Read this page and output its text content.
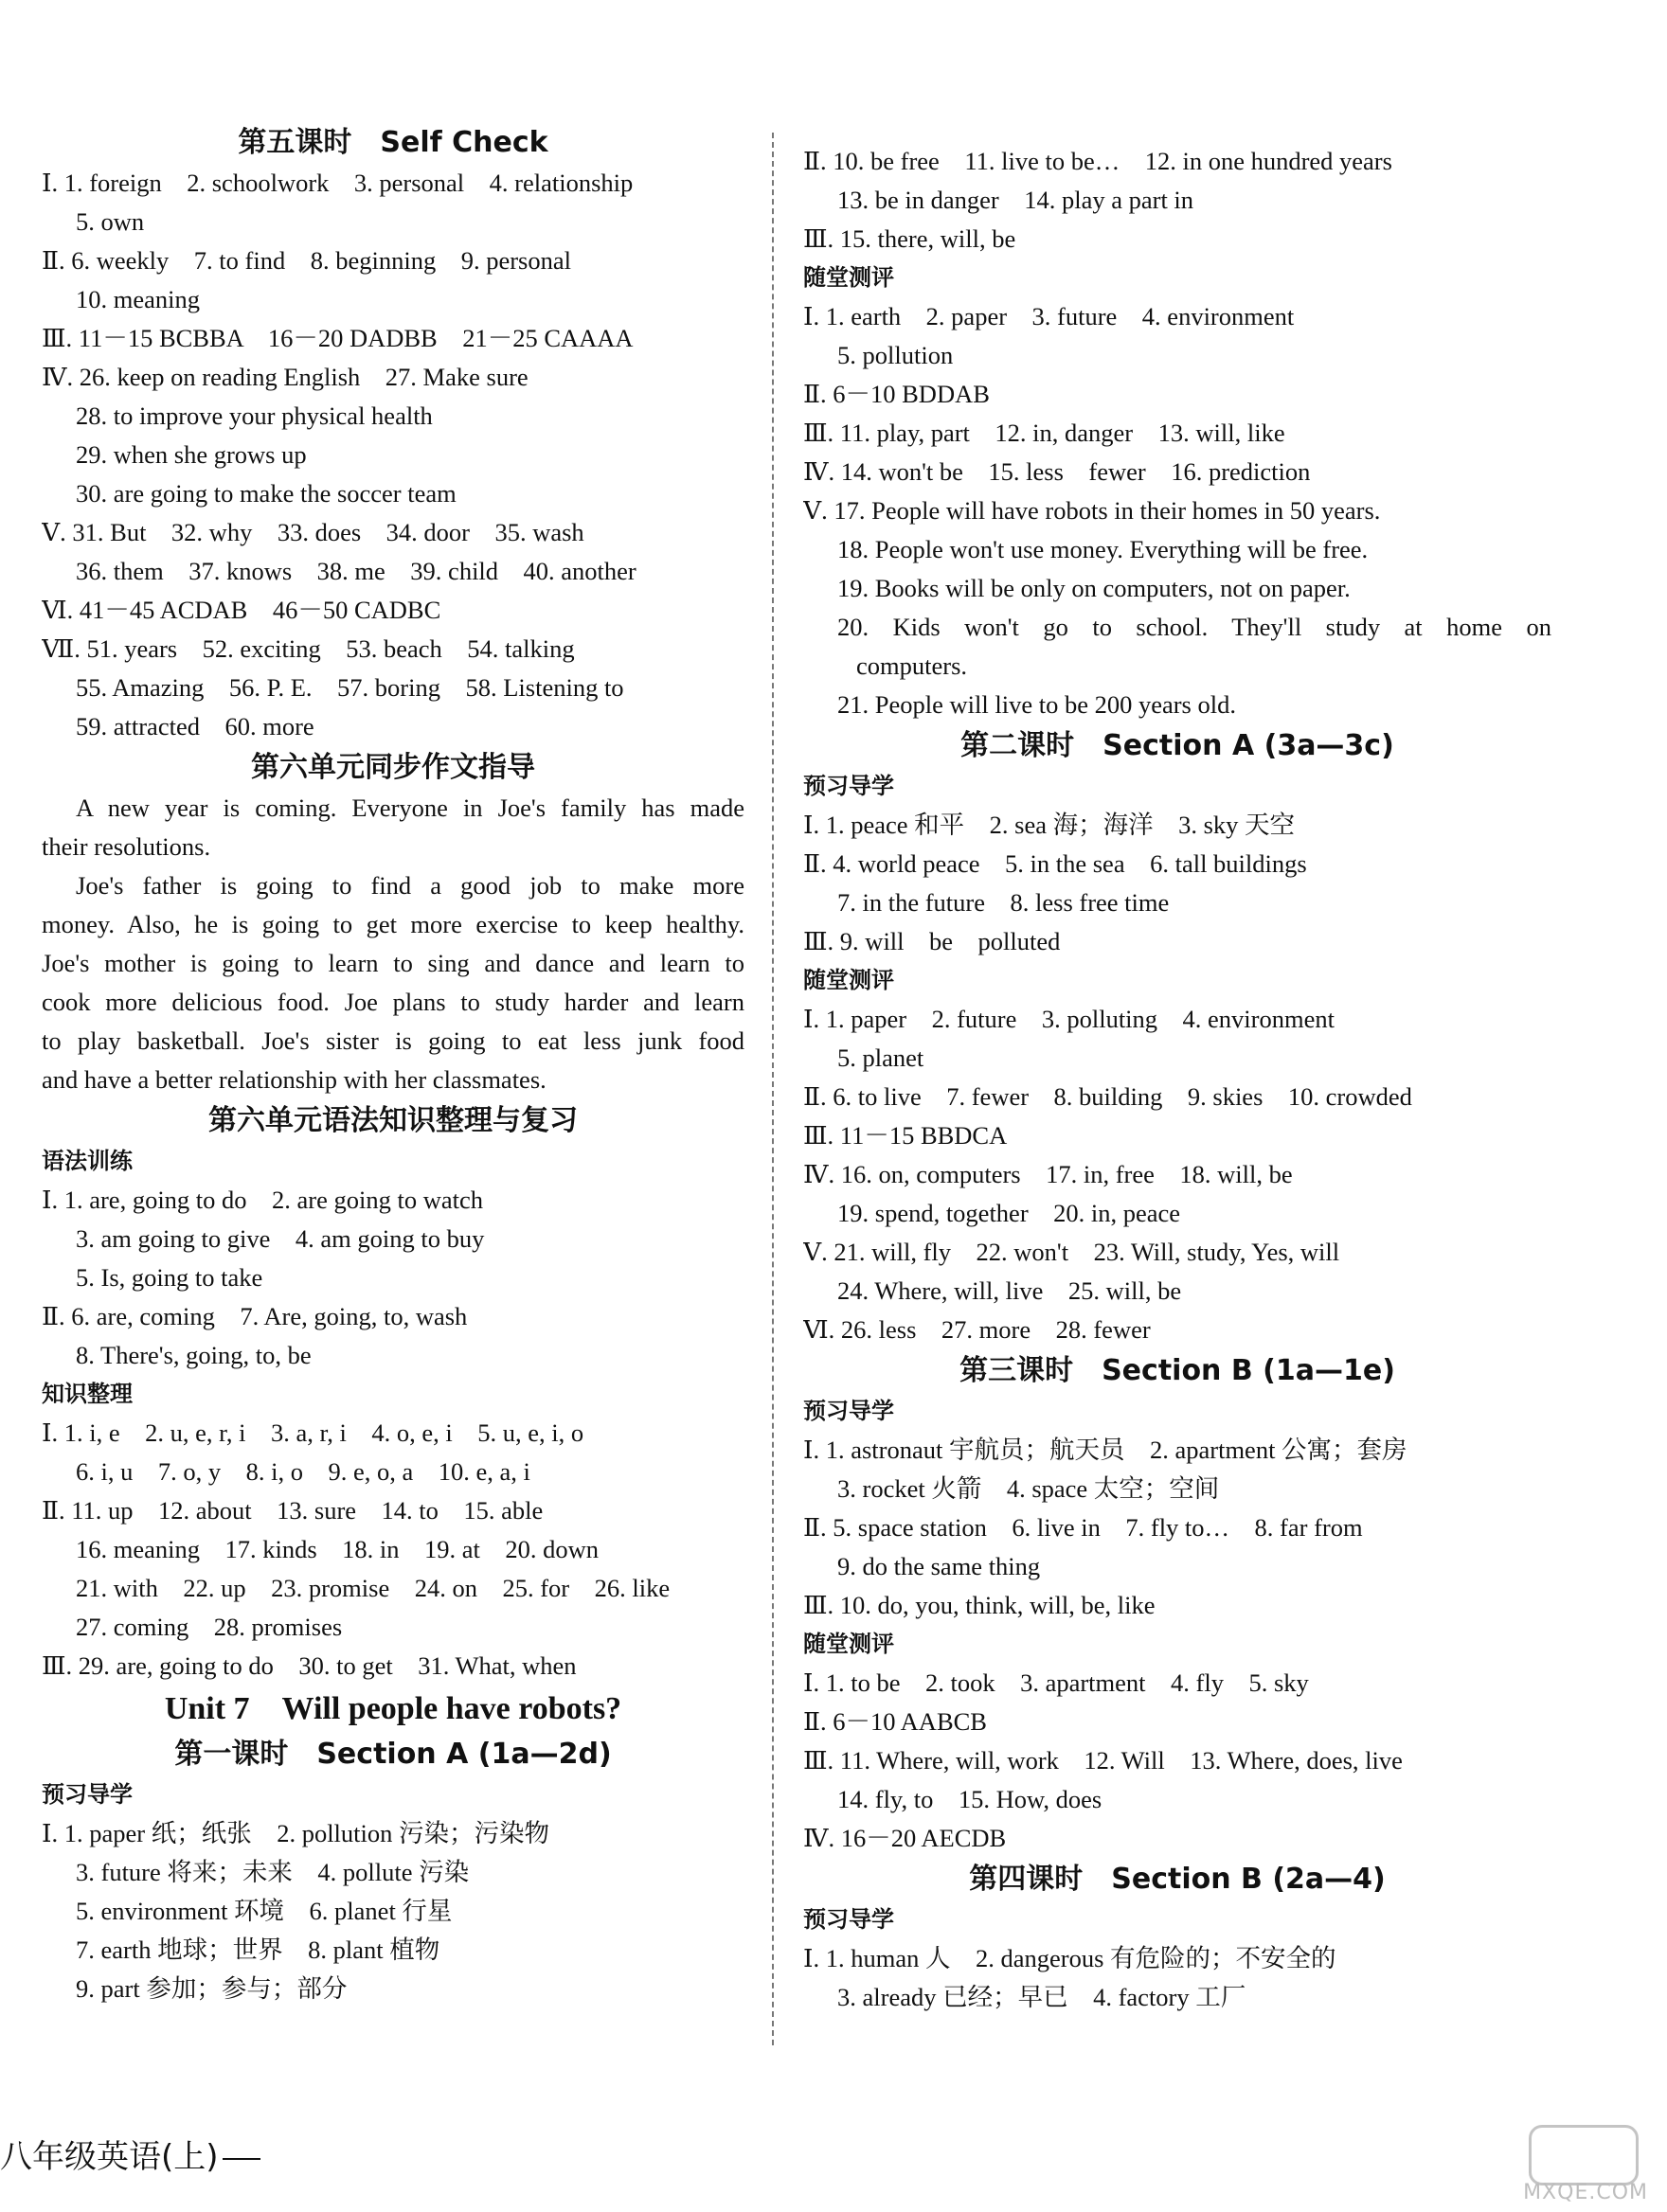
第五课时　Self Check
Ⅰ. 1. foreign　2. schoolwork　3. personal　4. relationship
5. own
Ⅱ. 6. weekly　7. to find　8. beginning　9. personal
10. meaning
Ⅲ. 11－15 BCBBA　16－20 DADBB　21－25 CAAAA
Ⅳ. 26. keep on reading English　27. Make sure
28. to improve your physical health
29. when she grows up
30. are going to make the soccer team
Ⅴ. 31. But　32. why　33. does　34. door　35. wash
36. them　37. knows　38. me　39. child　40. another
Ⅵ. 41－45 ACDAB　46－50 CADBC
Ⅶ. 51. years　52. exciting　53. beach　54. talking
55. Amazing　56. P. E.　57. boring　58. Listening to
59. attracted　60. more
第六单元同步作文指导
A new year is coming. Everyone in Joe's family has made
their resolutions.
Joe's father is going to find a good job to make more
money. Also, he is going to get more exercise to keep healthy.
Joe's mother is going to learn to sing and dance and learn to
cook more delicious food. Joe plans to study harder and learn
to play basketball. Joe's sister is going to eat less junk food
and have a better relationship with her classmates.
第六单元语法知识整理与复习
语法训练
Ⅰ. 1. are, going to do　2. are going to watch
3. am going to give　4. am going to buy
5. Is, going to take
Ⅱ. 6. are, coming　7. Are, going, to, wash
8. There's, going, to, be
知识整理
Ⅰ. 1. i, e　2. u, e, r, i　3. a, r, i　4. o, e, i　5. u, e, i, o
6. i, u　7. o, y　8. i, o　9. e, o, a　10. e, a, i
Ⅱ. 11. up　12. about　13. sure　14. to　15. able
16. meaning　17. kinds　18. in　19. at　20. down
21. with　22. up　23. promise　24. on　25. for　26. like
27. coming　28. promises
Ⅲ. 29. are, going to do　30. to get　31. What, when
Unit 7　Will people have robots?
第一课时　Section A (1a—2d)
预习导学
Ⅰ. 1. paper 纸；纸张　2. pollution 污染；污染物
3. future 将来；未来　4. pollute 污染
5. environment 环境　6. planet 行星
7. earth 地球；世界　8. plant 植物
9. part 参加；参与；部分
Ⅱ. 10. be free　11. live to be…　12. in one hundred years
13. be in danger　14. play a part in
Ⅲ. 15. there, will, be
随堂测评
Ⅰ. 1. earth　2. paper　3. future　4. environment
5. pollution
Ⅱ. 6－10 BDDAB
Ⅲ. 11. play, part　12. in, danger　13. will, like
Ⅳ. 14. won't be　15. less　fewer　16. prediction
Ⅴ. 17. People will have robots in their homes in 50 years.
18. People won't use money. Everything will be free.
19. Books will be only on computers, not on paper.
20. Kids won't go to school. They'll study at home on
computers.
21. People will live to be 200 years old.
第二课时　Section A (3a—3c)
预习导学
Ⅰ. 1. peace 和平　2. sea 海；海洋　3. sky 天空
Ⅱ. 4. world peace　5. in the sea　6. tall buildings
7. in the future　8. less free time
Ⅲ. 9. will　be　polluted
随堂测评
Ⅰ. 1. paper　2. future　3. polluting　4. environment
5. planet
Ⅱ. 6. to live　7. fewer　8. building　9. skies　10. crowded
Ⅲ. 11－15 BBDCA
Ⅳ. 16. on, computers　17. in, free　18. will, be
19. spend, together　20. in, peace
Ⅴ. 21. will, fly　22. won't　23. Will, study, Yes, will
24. Where, will, live　25. will, be
Ⅵ. 26. less　27. more　28. fewer
第三课时　Section B (1a—1e)
预习导学
Ⅰ. 1. astronaut 宇航员；航天员　2. apartment 公寓；套房
3. rocket 火箭　4. space 太空；空间
Ⅱ. 5. space station　6. live in　7. fly to…　8. far from
9. do the same thing
Ⅲ. 10. do, you, think, will, be, like
随堂测评
Ⅰ. 1. to be　2. took　3. apartment　4. fly　5. sky
Ⅱ. 6－10 AABCB
Ⅲ. 11. Where, will, work　12. Will　13. Where, does, live
14. fly, to　15. How, does
Ⅳ. 16－20 AECDB
第四课时　Section B (2a—4)
预习导学
Ⅰ. 1. human 人　2. dangerous 有危险的；不安全的
3. already 已经；早已　4. factory 工厂
八年级英语(上)
MXQE.COM
